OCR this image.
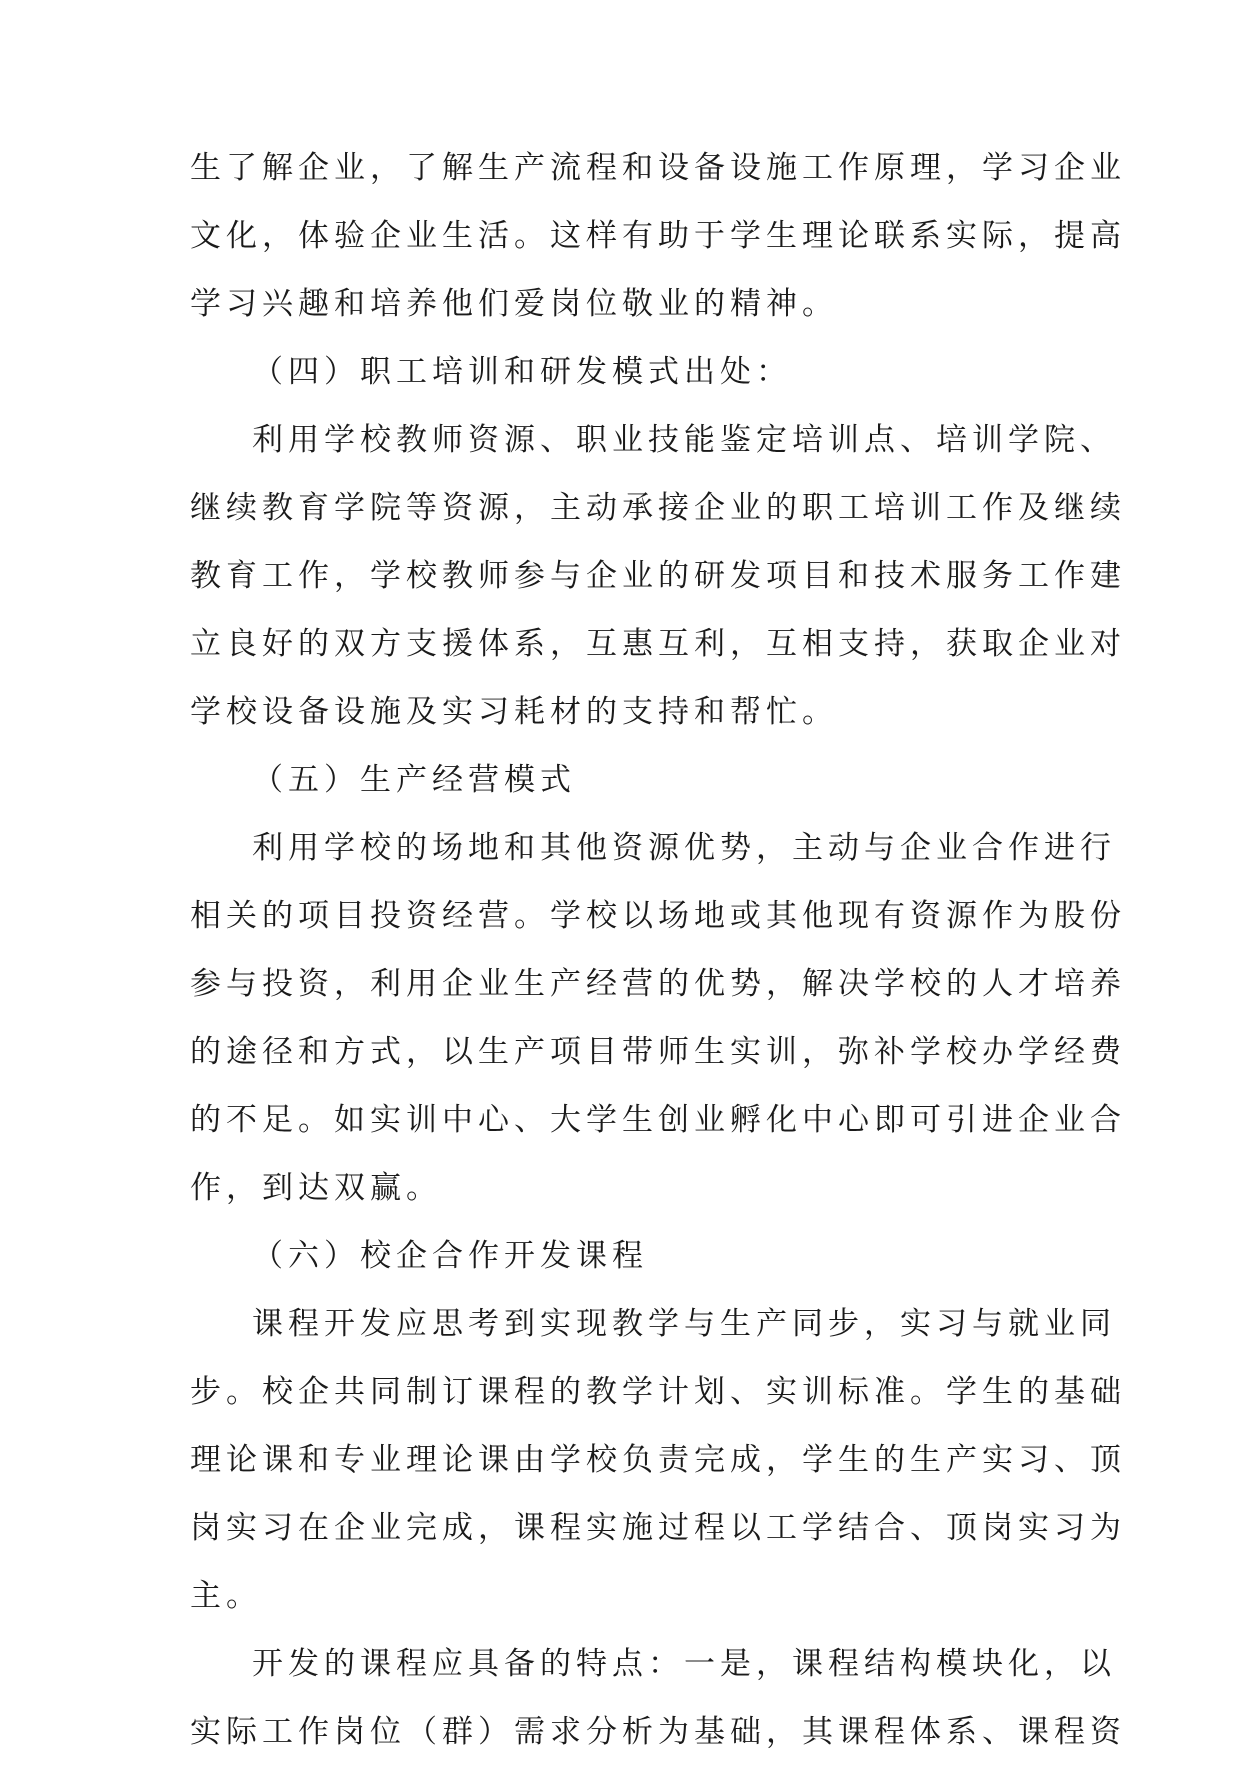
生了解企业，了解生产流程和设备设施工作原理，学习企业
文化，体验企业生活。这样有助于学生理论联系实际，提高
学习兴趣和培养他们爱岗位敬业的精神。
（四）职工培训和研发模式出处：
利用学校教师资源、职业技能鉴定培训点、培训学院、
继续教育学院等资源，主动承接企业的职工培训工作及继续
教育工作，学校教师参与企业的研发项目和技术服务工作建
立良好的双方支援体系，互惠互利，互相支持，获取企业对
学校设备设施及实习耗材的支持和帮忙。
（五）生产经营模式
利用学校的场地和其他资源优势，主动与企业合作进行
相关的项目投资经营。学校以场地或其他现有资源作为股份
参与投资，利用企业生产经营的优势，解决学校的人才培养
的途径和方式，以生产项目带师生实训，弥补学校办学经费
的不足。如实训中心、大学生创业孵化中心即可引进企业合
作，到达双赢。
（六）校企合作开发课程
课程开发应思考到实现教学与生产同步，实习与就业同
步。校企共同制订课程的教学计划、实训标准。学生的基础
理论课和专业理论课由学校负责完成，学生的生产实习、顶
岗实习在企业完成，课程实施过程以工学结合、顶岗实习为
主。
开发的课程应具备的特点：一是，课程结构模块化，以
实际工作岗位（群）需求分析为基础，其课程体系、课程资
